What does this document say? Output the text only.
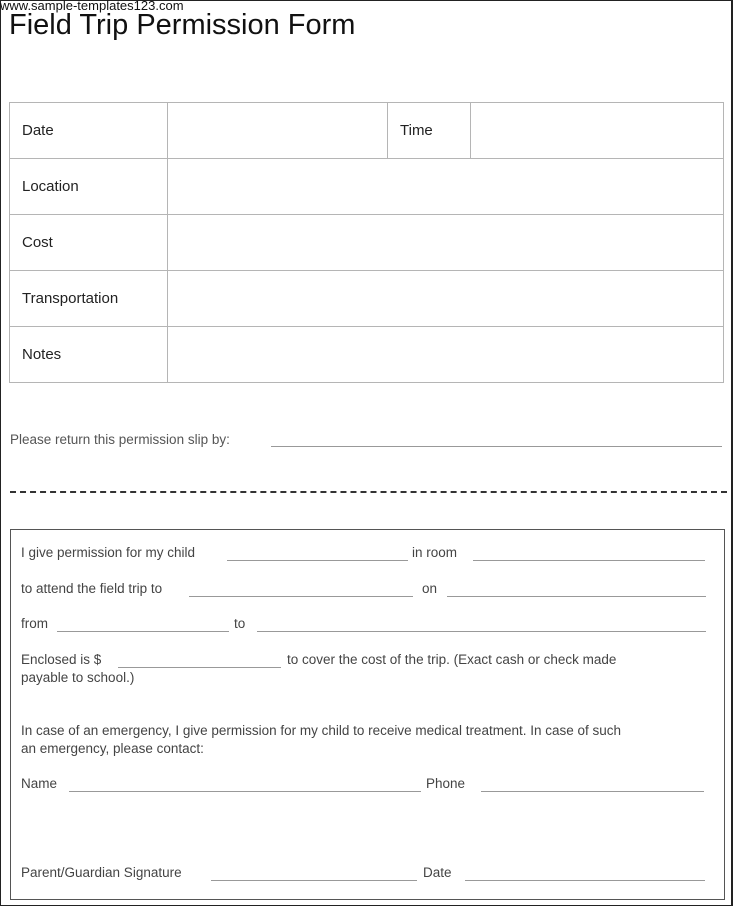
www.sample-templates123.com
Field Trip Permission Form
Date		Time	
Location			
Cost			
Transportation			
Notes			
Please return this permission slip by:
I give permission for my child	in room
to attend the field trip to	on
from	to
Enclosed is $	to cover the cost of the trip. (Exact cash or check made
payable to school.)
In case of an emergency, I give permission for my child to receive medical treatment. In case of such
an emergency, please contact:
Name	Phone
Parent/Guardian Signature	Date
